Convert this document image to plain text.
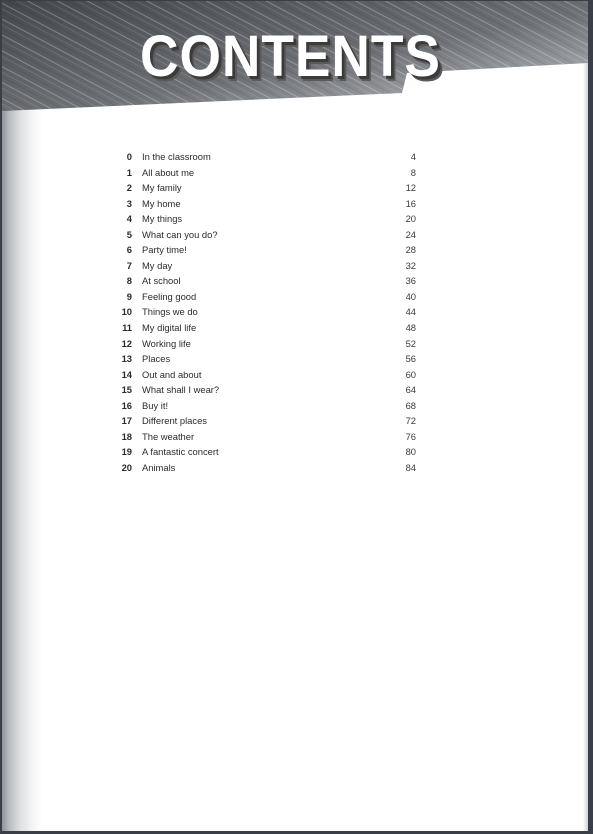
CONTENTS
0 In the classroom	4
1 All about me	8
2 My family	12
3 My home	16
4 My things	20
5 What can you do?	24
6 Party time!	28
7 My day	32
8 At school	36
9 Feeling good	40
10 Things we do	44
11 My digital life	48
12 Working life	52
13 Places	56
14 Out and about	60
15 What shall I wear?	64
16 Buy it!	68
17 Different places	72
18 The weather	76
19 A fantastic concert	80
20 Animals	84
